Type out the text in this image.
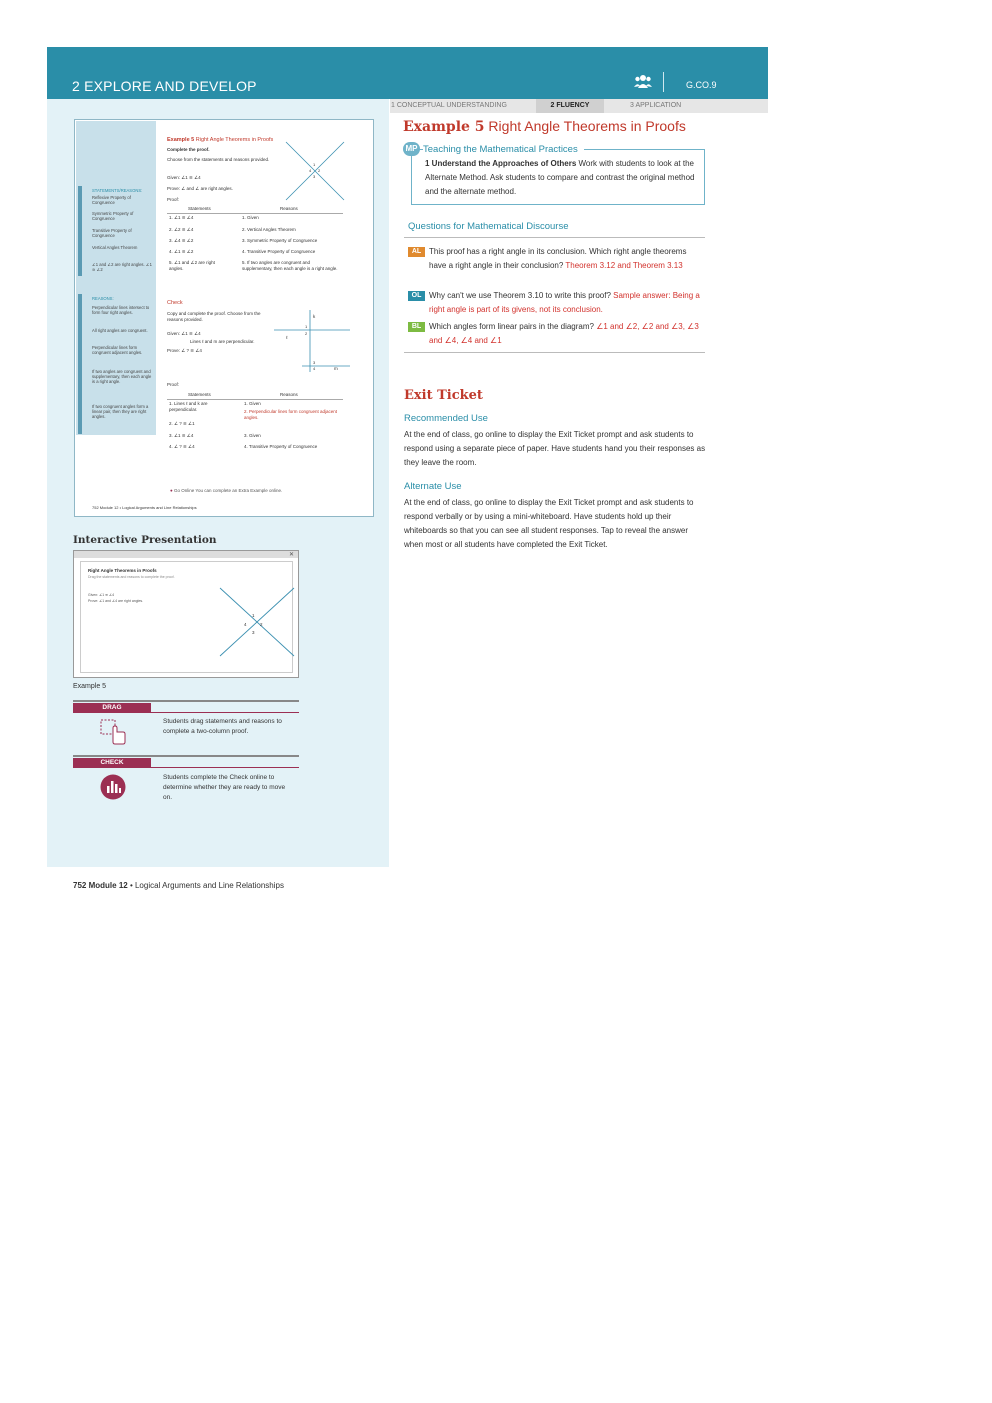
2 EXPLORE AND DEVELOP	G.CO.9
1 CONCEPTUAL UNDERSTANDING	2 FLUENCY	3 APPLICATION
STATEMENTS/REASONS:
Reflexive Property of Congruence
Symmetric Property of Congruence
Transitive Property of Congruence
Vertical Angles Theorem
∠1 and ∠2 are right angles. ∠1 ≅ ∠2
REASONS:
Perpendicular lines intersect to form four right angles.
All right angles are congruent.
Perpendicular lines form congruent adjacent angles.
If two angles are congruent and supplementary, then each angle is a right angle.
If two congruent angles form a linear pair, then they are right angles.
Example 5 Right Angle Theorems in Proofs
Complete the proof.
Choose from the statements and reasons provided.
Given: ∠1 ≅ ∠4
Prove: ∠ and ∠ are right angles.
Proof:
1
4 2
3
Statements	Reasons
1. ∠1 ≅ ∠4	1. Given
2. ∠2 ≅ ∠4	2. Vertical Angles Theorem
3. ∠4 ≅ ∠2	3. Symmetric Property of Congruence
4. ∠1 ≅ ∠2	4. Transitive Property of Congruence
5. ∠1 and ∠2 are right angles.
5. If two angles are congruent and supplementary, then each angle is a right angle.
Check
Copy and complete the proof. Choose from the reasons provided.
Given: ∠1 ≅ ∠4
Lines ℓ and m are perpendicular.
Prove: ∠ ? ≅ ∠4
k
ℓ
m
1
2
3
4
Proof:
Statements	Reasons
1. Lines ℓ and k are perpendicular.
1. Given
2. ∠ ? ≅ ∠1
2. Perpendicular lines form congruent adjacent angles.
3. ∠1 ≅ ∠4	3. Given
4. ∠ ? ≅ ∠4	4. Transitive Property of Congruence
● Go Online You can complete an Extra Example online.
752 Module 12 • Logical Arguments and Line Relationships
Interactive Presentation
✕
Right Angle Theorems in Proofs
Drag the statements and reasons to complete the proof.
Given: ∠1 ≅ ∠4
Prove: ∠1 and ∠4 are right angles.
1
4	2
3
Example 5
DRAG
Students drag statements and reasons to complete a two-column proof.
CHECK
Students complete the Check online to determine whether they are ready to move on.
Example 5 Right Angle Theorems in Proofs
MP Teaching the Mathematical Practices
1 Understand the Approaches of Others Work with students to look at the Alternate Method. Ask students to compare and contrast the original method and the alternate method.
Questions for Mathematical Discourse
AL This proof has a right angle in its conclusion. Which right angle theorems have a right angle in their conclusion? Theorem 3.12 and Theorem 3.13
OL Why can't we use Theorem 3.10 to write this proof? Sample answer: Being a right angle is part of its givens, not its conclusion.
BL Which angles form linear pairs in the diagram? ∠1 and ∠2, ∠2 and ∠3, ∠3 and ∠4, ∠4 and ∠1
Exit Ticket
Recommended Use
At the end of class, go online to display the Exit Ticket prompt and ask students to respond using a separate piece of paper. Have students hand you their responses as they leave the room.
Alternate Use
At the end of class, go online to display the Exit Ticket prompt and ask students to respond verbally or by using a mini-whiteboard. Have students hold up their whiteboards so that you can see all student responses. Tap to reveal the answer when most or all students have completed the Exit Ticket.
752 Module 12 • Logical Arguments and Line Relationships
